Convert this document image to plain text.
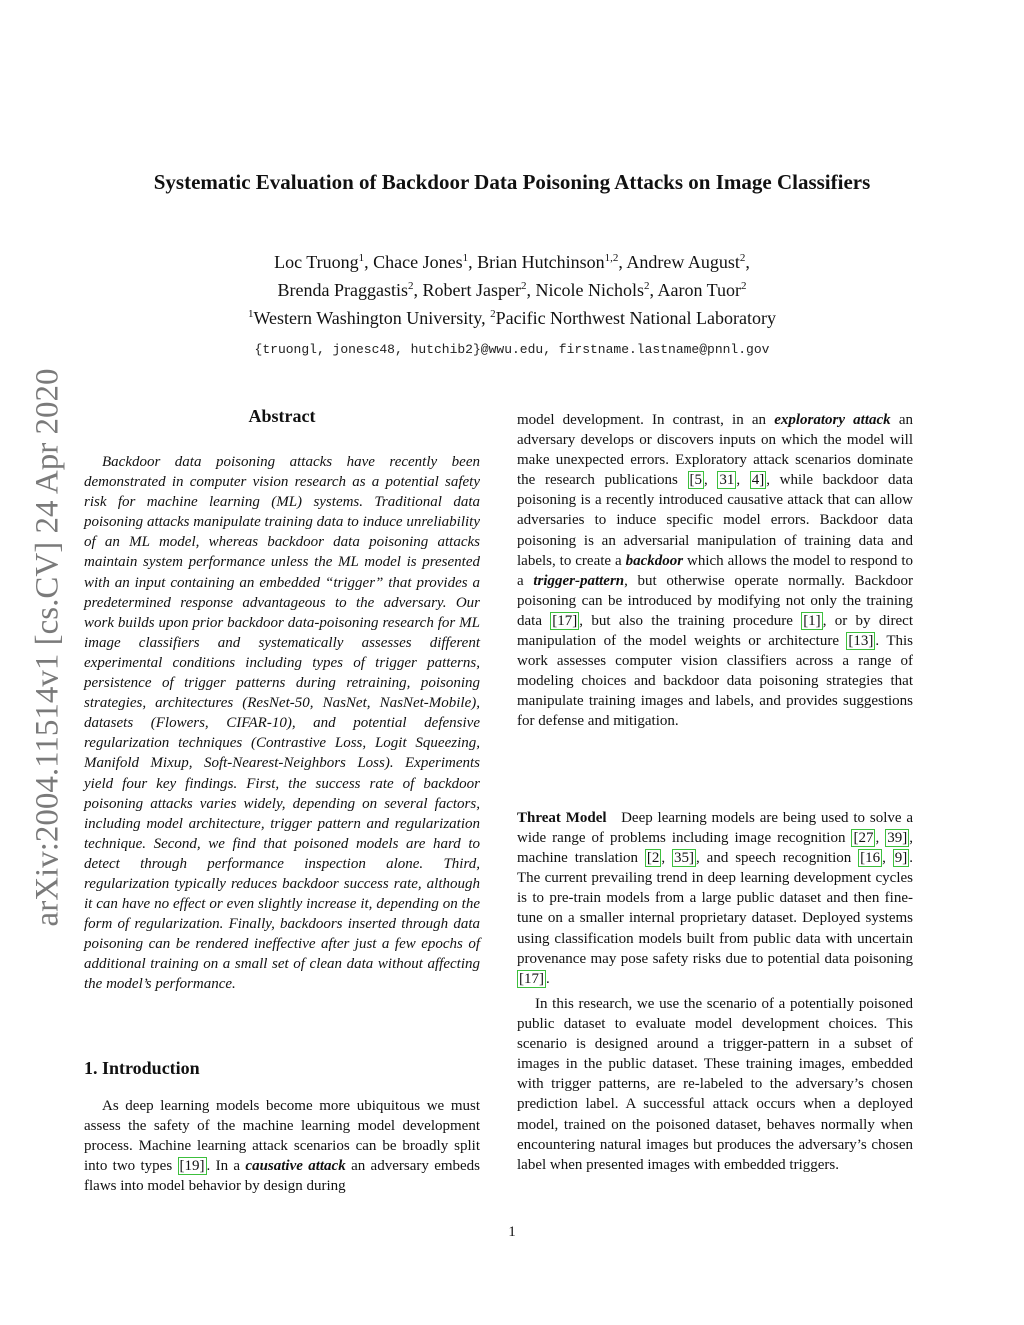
arXiv:2004.11514v1 [cs.CV] 24 Apr 2020
Systematic Evaluation of Backdoor Data Poisoning Attacks on Image Classifiers
Loc Truong$^1$, Chace Jones$^1$, Brian Hutchinson$^{1,2}$, Andrew August$^2$,
Brenda Praggastis$^2$, Robert Jasper$^2$, Nicole Nichols$^2$, Aaron Tuor$^2$
$^1$Western Washington University, $^2$Pacific Northwest National Laboratory
{truongl, jonesc48, hutchib2}@wwu.edu, firstname.lastname@pnnl.gov
Abstract

Backdoor data poisoning attacks have recently been demonstrated in computer vision research as a potential safety risk for machine learning (ML) systems. Traditional data poisoning attacks manipulate training data to induce unreliability of an ML model, whereas backdoor data poisoning attacks maintain system performance unless the ML model is presented with an input containing an embedded “trigger” that provides a predetermined response advantageous to the adversary. Our work builds upon prior backdoor data-poisoning research for ML image classifiers and systematically assesses different experimental conditions including types of trigger patterns, persistence of trigger patterns during retraining, poisoning strategies, architectures (ResNet-50, NasNet, NasNet-Mobile), datasets (Flowers, CIFAR-10), and potential defensive regularization techniques (Contrastive Loss, Logit Squeezing, Manifold Mixup, Soft-Nearest-Neighbors Loss). Experiments yield four key findings. First, the success rate of backdoor poisoning attacks varies widely, depending on several factors, including model architecture, trigger pattern and regularization technique. Second, we find that poisoned models are hard to detect through performance inspection alone. Third, regularization typically reduces backdoor success rate, although it can have no effect or even slightly increase it, depending on the form of regularization. Finally, backdoors inserted through data poisoning can be rendered ineffective after just a few epochs of additional training on a small set of clean data without affecting the model’s performance.

1. Introduction

As deep learning models become more ubiquitous we must assess the safety of the machine learning model development process. Machine learning attack scenarios can be broadly split into two types [19] . In a causative attack an adversary embeds flaws into model behavior by design during

model development. In contrast, in an exploratory attack an adversary develops or discovers inputs on which the model will make unexpected errors. Exploratory attack scenarios dominate the research publications [5 , 31 , 4] , while backdoor data poisoning is a recently introduced causative attack that can allow adversaries to induce specific model errors. Backdoor data poisoning is an adversarial manipulation of training data and labels, to create a backdoor which allows the model to respond to a trigger-pattern, but otherwise operate normally. Backdoor poisoning can be introduced by modifying not only the training data [17] , but also the training procedure [1] , or by direct manipulation of the model weights or architecture [13] . This work assesses computer vision classifiers across a range of modeling choices and backdoor data poisoning strategies that manipulate training images and labels, and provides suggestions for defense and mitigation.

Threat Model Deep learning models are being used to solve a wide range of problems including image recognition [27 , 39] , machine translation [2 , 35] , and speech recognition [16 , 9] . The current prevailing trend in deep learning development cycles is to pre-train models from a large public dataset and then fine-tune on a smaller internal proprietary dataset. Deployed systems using classification models built from public data with uncertain provenance may pose safety risks due to potential data poisoning [17] .

In this research, we use the scenario of a potentially poisoned public dataset to evaluate model development choices. This scenario is designed around a trigger-pattern in a subset of images in the public dataset. These training images, embedded with trigger patterns, are re-labeled to the adversary’s chosen prediction label. A successful attack occurs when a deployed model, trained on the poisoned dataset, behaves normally when encountering natural images but produces the adversary’s chosen label when presented images with embedded triggers.

1
